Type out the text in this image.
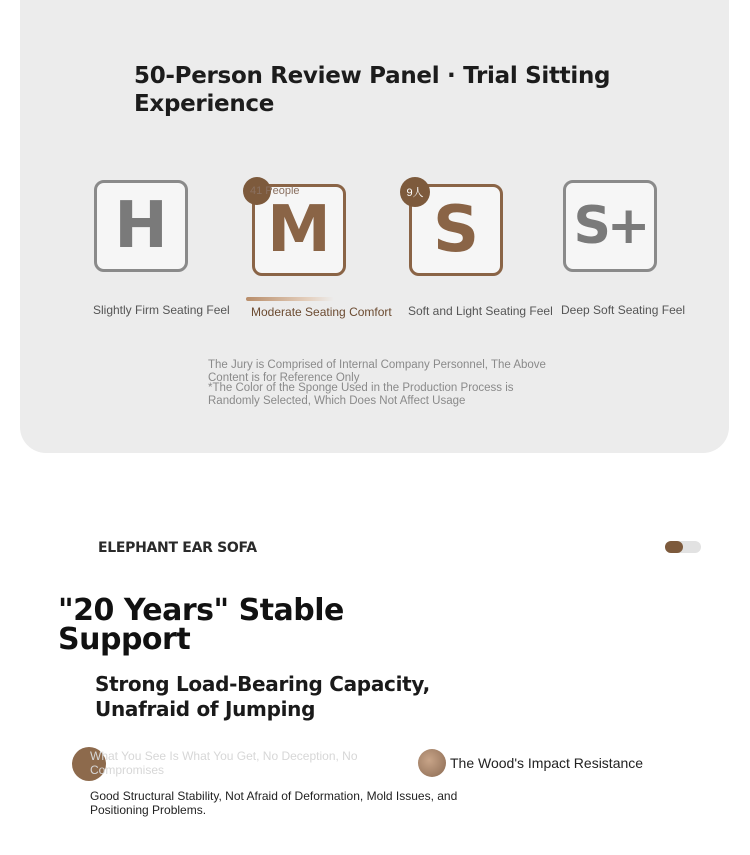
50-Person Review Panel · Trial Sitting Experience
H
Slightly Firm Seating Feel
M
41 People
Moderate Seating Comfort
S
9人
Soft and Light Seating Feel
S+
Deep Soft Seating Feel
The Jury is Comprised of Internal Company Personnel, The Above Content is for Reference Only
*The Color of the Sponge Used in the Production Process is Randomly Selected, Which Does Not Affect Usage
ELEPHANT EAR SOFA
"20 Years" Stable Support
Strong Load-Bearing Capacity, Unafraid of Jumping
What You See Is What You Get, No Deception, No Compromises	The Wood's Impact Resistance
Good Structural Stability, Not Afraid of Deformation, Mold Issues, and Positioning Problems.
